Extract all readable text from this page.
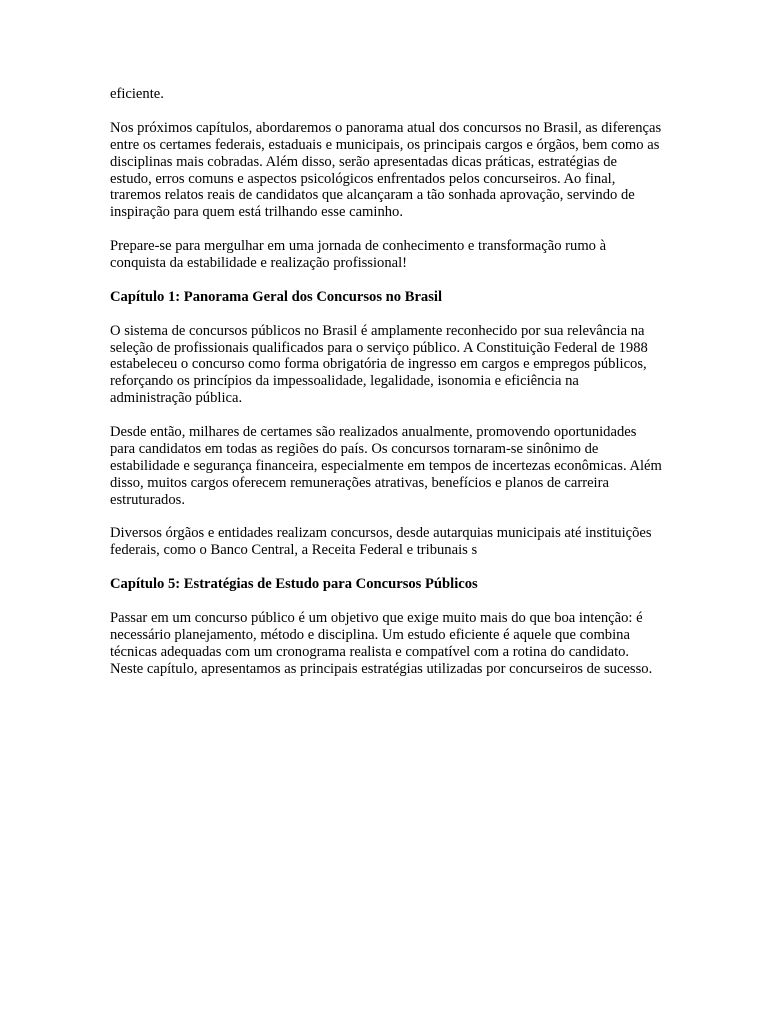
eficiente.

Nos próximos capítulos, abordaremos o panorama atual dos concursos no Brasil, as diferenças entre os certames federais, estaduais e municipais, os principais cargos e órgãos, bem como as disciplinas mais cobradas. Além disso, serão apresentadas dicas práticas, estratégias de estudo, erros comuns e aspectos psicológicos enfrentados pelos concurseiros. Ao final, traremos relatos reais de candidatos que alcançaram a tão sonhada aprovação, servindo de inspiração para quem está trilhando esse caminho.

Prepare-se para mergulhar em uma jornada de conhecimento e transformação rumo à conquista da estabilidade e realização profissional!

Capítulo 1: Panorama Geral dos Concursos no Brasil

O sistema de concursos públicos no Brasil é amplamente reconhecido por sua relevância na seleção de profissionais qualificados para o serviço público. A Constituição Federal de 1988 estabeleceu o concurso como forma obrigatória de ingresso em cargos e empregos públicos, reforçando os princípios da impessoalidade, legalidade, isonomia e eficiência na administração pública.

Desde então, milhares de certames são realizados anualmente, promovendo oportunidades para candidatos em todas as regiões do país. Os concursos tornaram-se sinônimo de estabilidade e segurança financeira, especialmente em tempos de incertezas econômicas. Além disso, muitos cargos oferecem remunerações atrativas, benefícios e planos de carreira estruturados.

Diversos órgãos e entidades realizam concursos, desde autarquias municipais até instituições federais, como o Banco Central, a Receita Federal e tribunais s

Capítulo 5: Estratégias de Estudo para Concursos Públicos

Passar em um concurso público é um objetivo que exige muito mais do que boa intenção: é necessário planejamento, método e disciplina. Um estudo eficiente é aquele que combina técnicas adequadas com um cronograma realista e compatível com a rotina do candidato. Neste capítulo, apresentamos as principais estratégias utilizadas por concurseiros de sucesso.
